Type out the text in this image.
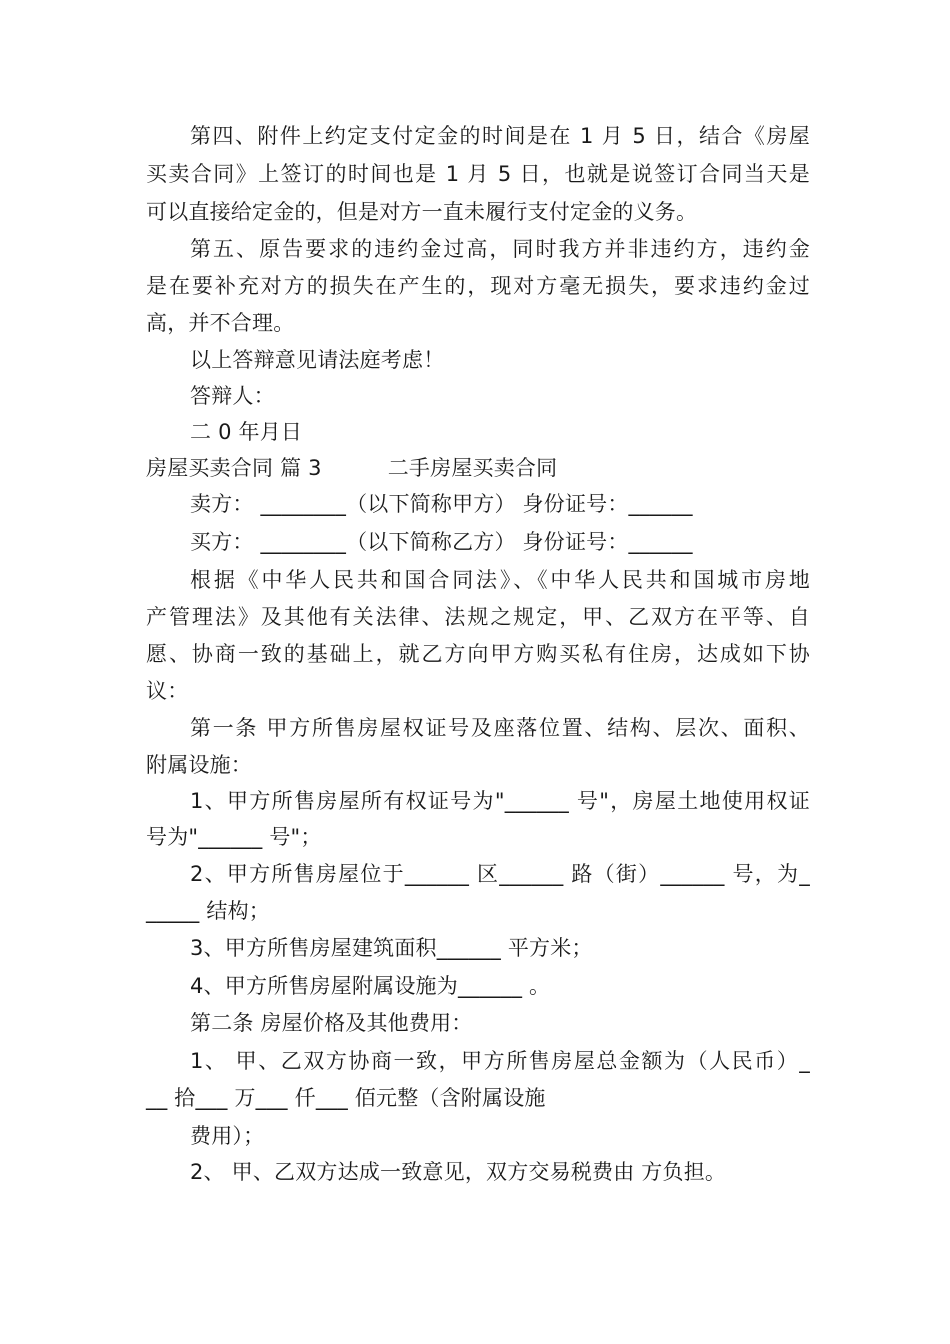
第四、附件上约定支付定金的时间是在 1 月 5 日，结合《房屋
买卖合同》上签订的时间也是 1 月 5 日，也就是说签订合同当天是
可以直接给定金的，但是对方一直未履行支付定金的义务。
第五、原告要求的违约金过高，同时我方并非违约方，违约金
是在要补充对方的损失在产生的，现对方毫无损失，要求违约金过
高，并不合理。
以上答辩意见请法庭考虑！
答辩人：
二 0 年月日
房屋买卖合同 篇 3	二手房屋买卖合同
卖方： ________（以下简称甲方） 身份证号：______
买方： ________（以下简称乙方） 身份证号：______
根据《中华人民共和国合同法》、《中华人民共和国城市房地
产管理法》及其他有关法律、法规之规定，甲、乙双方在平等、自
愿、协商一致的基础上，就乙方向甲方购买私有住房，达成如下协
议：
第一条 甲方所售房屋权证号及座落位置、结构、层次、面积、
附属设施：
1、甲方所售房屋所有权证号为"______ 号"，房屋土地使用权证
号为"______ 号"；
2、甲方所售房屋位于______ 区______ 路（街）______ 号，为_
_____ 结构；
3、甲方所售房屋建筑面积______ 平方米；
4、甲方所售房屋附属设施为______ 。
第二条 房屋价格及其他费用：
1、 甲、乙双方协商一致，甲方所售房屋总金额为（人民币）_
__ 拾___ 万___ 仟___ 佰元整（含附属设施
费用）；
2、 甲、乙双方达成一致意见，双方交易税费由 方负担。
